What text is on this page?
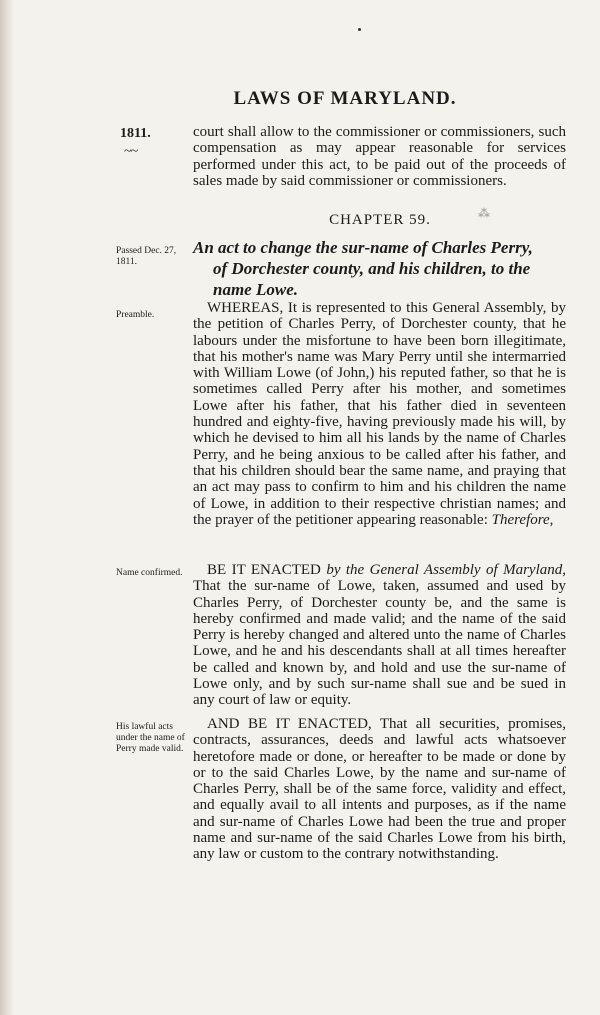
LAWS OF MARYLAND.
1811.
~~
court shall allow to the commissioner or commissioners, such compensation as may appear reasonable for services performed under this act, to be paid out of the proceeds of sales made by said commissioner or commissioners.
CHAPTER 59.	⁂
Passed Dec. 27, 1811.
An act to change the sur-name of Charles Perry,
of Dorchester county, and his children, to the
name Lowe.
Preamble.	WHEREAS, It is represented to this General Assembly, by the petition of Charles Perry, of Dorchester county, that he labours under the misfortune to have been born illegitimate, that his mother's name was Mary Perry until she intermarried with William Lowe (of John,) his reputed father, so that he is sometimes called Perry after his mother, and sometimes Lowe after his father, that his father died in seventeen hundred and eighty-five, having previously made his will, by which he devised to him all his lands by the name of Charles Perry, and he being anxious to be called after his father, and that his children should bear the same name, and praying that an act may pass to confirm to him and his children the name of Lowe, in addition to their respective christian names; and the prayer of the petitioner appearing reasonable: Therefore,
Name confirmed.	BE IT ENACTED by the General Assembly of Maryland, That the sur-name of Lowe, taken, assumed and used by Charles Perry, of Dorchester county be, and the same is hereby confirmed and made valid; and the name of the said Perry is hereby changed and altered unto the name of Charles Lowe, and he and his descendants shall at all times hereafter be called and known by, and hold and use the sur-name of Lowe only, and by such sur-name shall sue and be sued in any court of law or equity.
His lawful acts under the name of Perry made valid.
AND BE IT ENACTED, That all securities, promises, contracts, assurances, deeds and lawful acts whatsoever heretofore made or done, or hereafter to be made or done by or to the said Charles Lowe, by the name and sur-name of Charles Perry, shall be of the same force, validity and effect, and equally avail to all intents and purposes, as if the name and sur-name of Charles Lowe had been the true and proper name and sur-name of the said Charles Lowe from his birth, any law or custom to the contrary notwithstanding.
